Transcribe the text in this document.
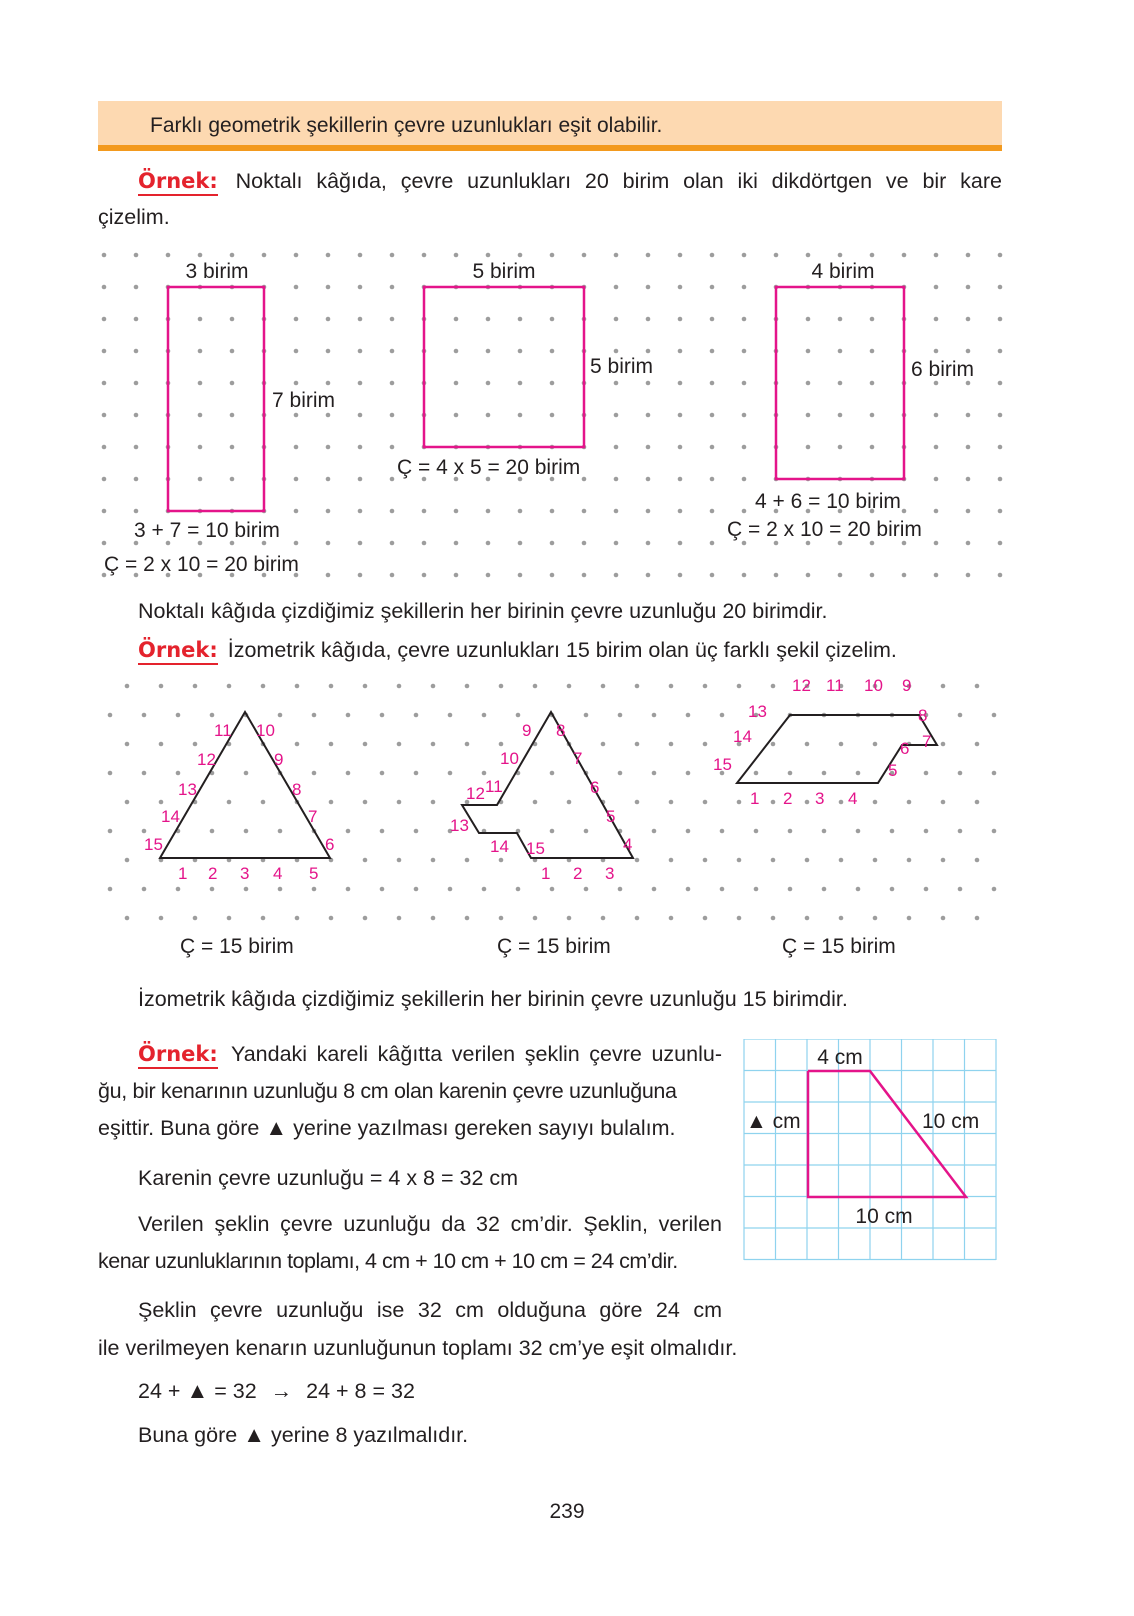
Farklı geometrik şekillerin çevre uzunlukları eşit olabilir.
Örnek: Noktalı kâğıda, çevre uzunlukları 20 birim olan iki dikdörtgen ve bir kare
çizelim.
3 birim
7 birim
3 + 7 = 10 birim
Ç = 2 x 10 = 20 birim
5 birim
5 birim
Ç = 4 x 5 = 20 birim
4 birim
6 birim
4 + 6 = 10 birim
Ç = 2 x 10 = 20 birim
Noktalı kâğıda çizdiğimiz şekillerin her birinin çevre uzunluğu 20 birimdir.
Örnek: İzometrik kâğıda, çevre uzunlukları 15 birim olan üç farklı şekil çizelim.
1 2 3 4 5
6
7
8
9
10
11
12
13
14
15
1 2 3
4
5
6
7
8
9
10
11
12
13
14 15
1 2 3 4
5
6 7
8
9
10
11
12
13
14
15
Ç = 15 birim	Ç = 15 birim	Ç = 15 birim
İzometrik kâğıda çizdiğimiz şekillerin her birinin çevre uzunluğu 15 birimdir.
Örnek: Yandaki kareli kâğıtta verilen şeklin çevre uzunlu-
ğu, bir kenarının uzunluğu 8 cm olan karenin çevre uzunluğuna
eşittir. Buna göre ▲ yerine yazılması gereken sayıyı bulalım.
Karenin çevre uzunluğu = 4 x 8 = 32 cm
Verilen şeklin çevre uzunluğu da 32 cm’dir. Şeklin, verilen
kenar uzunluklarının toplamı, 4 cm + 10 cm + 10 cm = 24 cm’dir.
Şeklin çevre uzunluğu ise 32 cm olduğuna göre 24 cm
ile verilmeyen kenarın uzunluğunun toplamı 32 cm’ye eşit olmalıdır.
24 + ▲ = 32 → 24 + 8 = 32
Buna göre ▲ yerine 8 yazılmalıdır.
4 cm
▲ cm	10 cm
10 cm
239
